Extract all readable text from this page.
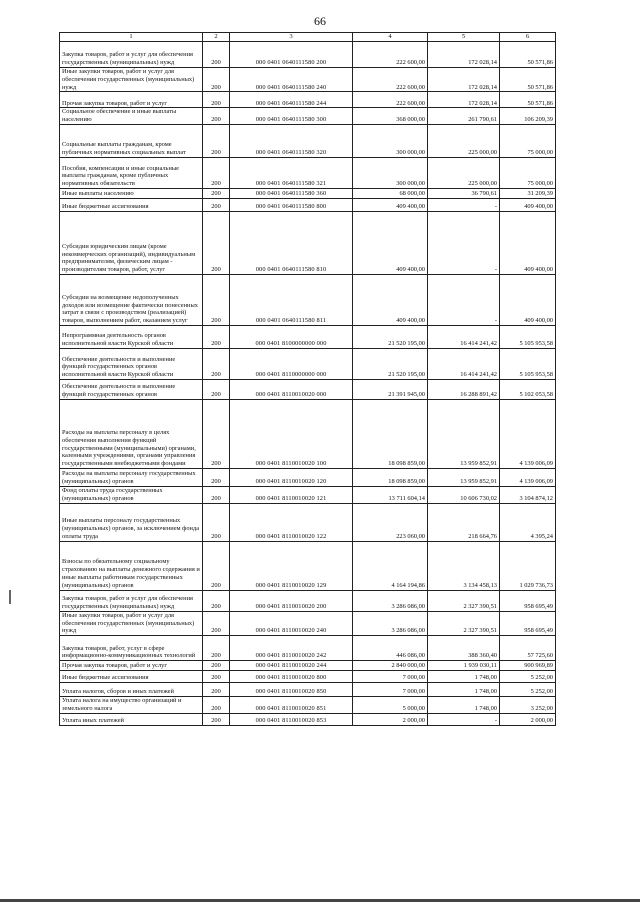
66
1	2	3	4	5	6
Закупка товаров, работ и услуг для обеспечения государственных (муниципальных) нужд	200	000 0401 0640111580 200	222 600,00	172 028,14	50 571,86
Иные закупки товаров, работ и услуг для обеспечения государственных (муниципальных) нужд	200	000 0401 0640111580 240	222 600,00	172 028,14	50 571,86
Прочая закупка товаров, работ и услуг	200	000 0401 0640111580 244	222 600,00	172 028,14	50 571,86
Социальное обеспечение и иные выплаты населению	200	000 0401 0640111580 300	368 000,00	261 790,61	106 209,39
Социальные выплаты гражданам, кроме публичных нормативных социальных выплат	200	000 0401 0640111580 320	300 000,00	225 000,00	75 000,00
Пособия, компенсации и иные социальные выплаты гражданам, кроме публичных нормативных обязательств	200	000 0401 0640111580 321	300 000,00	225 000,00	75 000,00
Иные выплаты населению	200	000 0401 0640111580 360	68 000,00	36 790,61	31 209,39
Иные бюджетные ассигнования	200	000 0401 0640111580 800	409 400,00	-	409 400,00
Субсидии юридическим лицам (кроме некоммерческих организаций), индивидуальным предпринимателям, физическим лицам - производителям товаров, работ, услуг	200	000 0401 0640111580 810	409 400,00	-	409 400,00
Субсидии на возмещение недополученных доходов или возмещение фактически понесенных затрат в связи с производством (реализацией) товаров, выполнением работ, оказанием услуг	200	000 0401 0640111580 811	409 400,00	-	409 400,00
Непрограммная деятельность органов исполнительной власти Курской области	200	000 0401 8100000000 000	21 520 195,00	16 414 241,42	5 105 953,58
Обеспечение деятельности и выполнение функций государственных органов исполнительной власти Курской области	200	000 0401 8110000000 000	21 520 195,00	16 414 241,42	5 105 953,58
Обеспечение деятельности и выполнение функций государственных органов	200	000 0401 8110010020 000	21 391 945,00	16 288 891,42	5 102 053,58
Расходы на выплаты персоналу в целях обеспечения выполнения функций государственными (муниципальными) органами, казенными учреждениями, органами управления государственными внебюджетными фондами	200	000 0401 8110010020 100	18 098 859,00	13 959 852,91	4 139 006,09
Расходы на выплаты персоналу государственных (муниципальных) органов	200	000 0401 8110010020 120	18 098 859,00	13 959 852,91	4 139 006,09
Фонд оплаты труда государственных (муниципальных) органов	200	000 0401 8110010020 121	13 711 604,14	10 606 730,02	3 104 874,12
Иные выплаты персоналу государственных (муниципальных) органов, за исключением фонда оплаты труда	200	000 0401 8110010020 122	223 060,00	218 664,76	4 395,24
Взносы по обязательному социальному страхованию на выплаты денежного содержания и иные выплаты работникам государственных (муниципальных) органов	200	000 0401 8110010020 129	4 164 194,86	3 134 458,13	1 029 736,73
Закупка товаров, работ и услуг для обеспечения государственных (муниципальных) нужд	200	000 0401 8110010020 200	3 286 086,00	2 327 390,51	958 695,49
Иные закупки товаров, работ и услуг для обеспечения государственных (муниципальных) нужд	200	000 0401 8110010020 240	3 286 086,00	2 327 390,51	958 695,49
Закупка товаров, работ, услуг в сфере информационно-коммуникационных технологий	200	000 0401 8110010020 242	446 086,00	388 360,40	57 725,60
Прочая закупка товаров, работ и услуг	200	000 0401 8110010020 244	2 840 000,00	1 939 030,11	900 969,89
Иные бюджетные ассигнования	200	000 0401 8110010020 800	7 000,00	1 748,00	5 252,00
Уплата налогов, сборов и иных платежей	200	000 0401 8110010020 850	7 000,00	1 748,00	5 252,00
Уплата налога на имущество организаций и земельного налога	200	000 0401 8110010020 851	5 000,00	1 748,00	3 252,00
Уплата иных платежей	200	000 0401 8110010020 853	2 000,00	-	2 000,00
